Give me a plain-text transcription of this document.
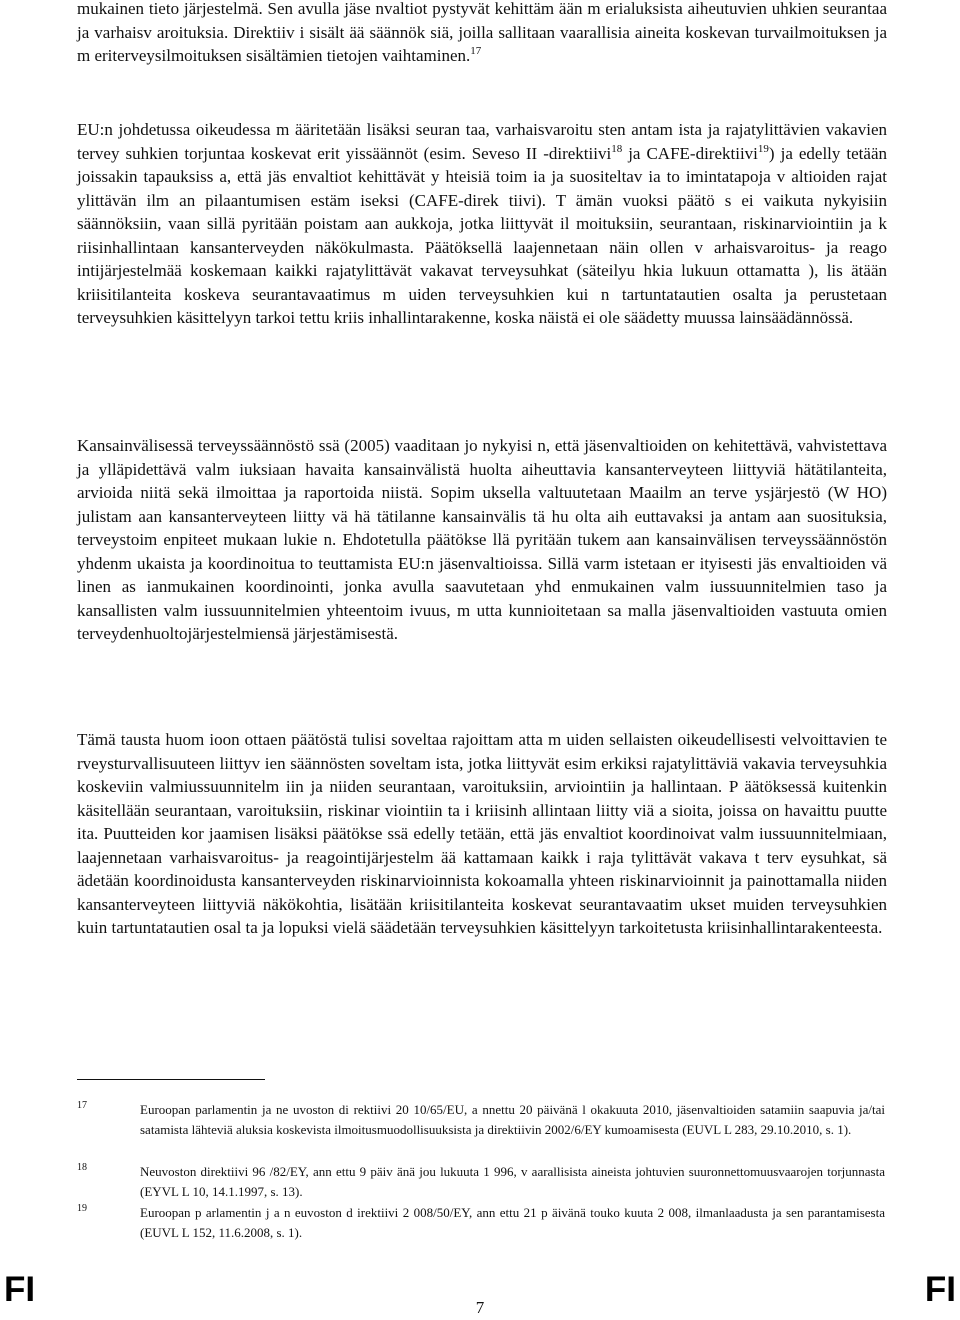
mukainen tieto järjestelmä. Sen avulla jäse nvaltiot pystyvät kehittäm ään m erialuksista aiheutuvien uhkien seurantaa ja varhaisv aroituksia. Direktiiv i sisält ää säännök siä, joilla sallitaan vaarallisia aineita koskevan turvailmoituksen ja m eriterveysilmoituksen sisältämien tietojen vaihtaminen.$^{17}$
EU:n johdetussa oikeudessa m ääritetään lisäksi seuran taa, varhaisvaroitu sten antam ista ja rajatylittävien vakavien tervey suhkien torjuntaa koskevat erit yissäännöt (esim. Seveso II -direktiivi$^{18}$ ja CAFE-direktiivi$^{19}$) ja edelly tetään joissakin tapauksiss a, että jäs envaltiot kehittävät y hteisiä toim ia ja suositeltav ia to imintatapoja v altioiden rajat ylittävän ilm an pilaantumisen estäm iseksi (CAFE-direk tiivi). T ämän vuoksi päätö s ei vaikuta nykyisiin säännöksiin, vaan sillä pyritään poistam aan aukkoja, jotka liittyvät il moituksiin, seurantaan, riskinarviointiin ja k riisinhallintaan kansanterveyden näkökulmasta. Päätöksellä laajennetaan näin ollen v arhaisvaroitus- ja reago intijärjestelmää koskemaan kaikki rajatylittävät vakavat terveysuhkat (säteilyu hkia lukuun ottamatta ), lis ätään kriisitilanteita koskeva seurantavaatimus m uiden terveysuhkien kui n tartuntatautien osalta ja perustetaan terveysuhkien käsittelyyn tarkoi tettu kriis inhallintarakenne, koska näistä ei ole säädetty muussa lainsäädännössä.
Kansainvälisessä terveyssäännöstö ssä (2005) vaaditaan jo nykyisi n, että jäsenvaltioiden on kehitettävä, vahvistettava ja ylläpidettävä valm iuksiaan havaita kansainvälistä huolta aiheuttavia kansanterveyteen liittyviä hätätilanteita, arvioida niitä sekä ilmoittaa ja raportoida niistä. Sopim uksella valtuutetaan Maailm an terve ysjärjestö (W HO) julistam aan kansanterveyteen liitty vä hä tätilanne kansainvälis tä hu olta aih euttavaksi ja antam aan suosituksia, terveystoim enpiteet mukaan lukie n. Ehdotetulla päätökse llä pyritään tukem aan kansainvälisen terveyssäännöstön yhdenm ukaista ja koordinoitua to teuttamista EU:n jäsenvaltioissa. Sillä varm istetaan er ityisesti jäs envaltioiden vä linen as ianmukainen koordinointi, jonka avulla saavutetaan yhd enmukainen valm iussuunnitelmien taso ja kansallisten valm iussuunnitelmien yhteentoim ivuus, m utta kunnioitetaan sa malla jäsenvaltioiden vastuuta omien terveydenhuoltojärjestelmiensä järjestämisestä.
Tämä tausta huom ioon ottaen päätöstä tulisi soveltaa rajoittam atta m uiden sellaisten oikeudellisesti velvoittavien te rveysturvallisuuteen liittyv ien säännösten soveltam ista, jotka liittyvät esim erkiksi rajatylittäviä vakavia terveysuhkia koskeviin valmiussuunnitelm iin ja niiden seurantaan, varoituksiin, arviointiin ja hallintaan. P äätöksessä kuitenkin käsitellään seurantaan, varoituksiin, riskinar viointiin ta i kriisinh allintaan liitty viä a sioita, joissa on havaittu puutte ita. Puutteiden kor jaamisen lisäksi päätökse ssä edelly tetään, että jäs envaltiot koordinoivat valm iussuunnitelmiaan, laajennetaan varhaisvaroitus- ja reagointijärjestelm ää kattamaan kaikk i raja tylittävät vakava t terv eysuhkat, sä ädetään koordinoidusta kansanterveyden riskinarvioinnista kokoamalla yhteen riskinarvioinnit ja painottamalla niiden kansanterveyteen liittyviä näkökohtia, lisätään kriisitilanteita koskevat seurantavaatim ukset muiden terveysuhkien kuin tartuntatautien osal ta ja lopuksi vielä säädetään terveysuhkien käsittelyyn tarkoitetusta kriisinhallintarakenteesta.
17	Euroopan parlamentin ja ne uvoston di rektiivi 20 10/65/EU, a nnettu 20 päivänä l okakuuta 2010, jäsenvaltioiden satamiin saapuvia ja/tai satamista lähteviä aluksia koskevista ilmoitusmuodollisuuksista ja direktiivin 2002/6/EY kumoamisesta (EUVL L 283, 29.10.2010, s. 1).
18	Neuvoston direktiivi 96 /82/EY, ann ettu 9 päiv änä jou lukuuta 1 996, v aarallisista aineista johtuvien suuronnettomuusvaarojen torjunnasta (EYVL L 10, 14.1.1997, s. 13).
19	Euroopan p arlamentin j a n euvoston d irektiivi 2 008/50/EY, ann ettu 21 p äivänä touko kuuta 2 008, ilmanlaadusta ja sen parantamisesta (EUVL L 152, 11.6.2008, s. 1).
FI	7	FI
